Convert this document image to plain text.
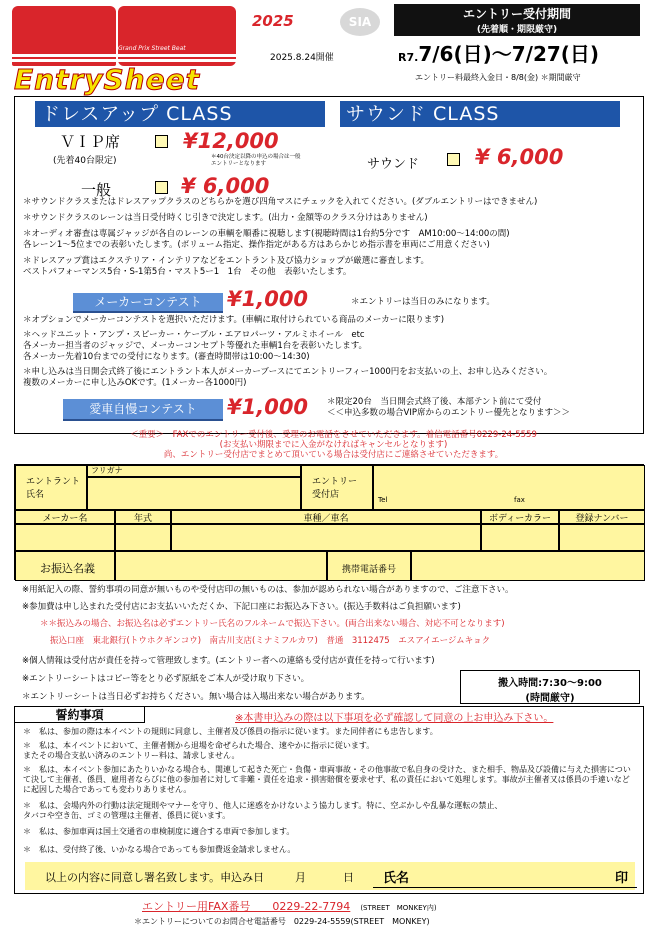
Grand Prix Street Beat
EntrySheet
2025	SIA
2025.8.24開催
エントリー受付期間
(先着順・期限厳守)
R7.7/6(日)〜7/27(日)
エントリー料最終入金日・8/8(金) ＊期間厳守
ドレスアップ CLASS	サウンド CLASS
ＶＩＰ席
(先着40台限定)
¥12,000
＊40台決定以降の申込の場合は一般エントリーとなります
一般	¥ 6,000
サウンド	¥ 6,000
＊サウンドクラスまたはドレスアップクラスのどちらかを選び四角マスにチェックを入れてください。(ダブルエントリーはできません)
＊サウンドクラスのレーンは当日受付時くじ引きで決定します。(出力・金額等のクラス分けはありません)
＊オーディオ審査は専属ジャッジが各自のレーンの車輌を順番に視聴します(視聴時間は1台約5分です　AM10:00〜14:00の間)
各レーン1〜5位までの表彰いたします。(ボリューム指定、操作指定がある方はあらかじめ指示書を車両にご用意ください)
＊ドレスアップ賞はエクステリア・インテリアなどをエントラント及び協力ショップが厳選に審査します。
ベストパフォーマンス5台・S-1第5台・マスト5ー1　1台　その他　表彰いたします。
メーカーコンテスト	¥1,000	＊エントリーは当日のみになります。
＊オプションでメーカーコンテストを選択いただけます。(車輌に取付けられている商品のメーカーに限ります)
＊ヘッドユニット・アンプ・スピーカー・ケーブル・エアロパーツ・アルミホイール　etc
各メーカー担当者のジャッジで、メーカーコンセプト等優れた車輌1台を表彰いたします。
各メーカー先着10台までの受付になります。(審査時間帯は10:00〜14:30)
＊申し込みは当日開会式終了後にエントラント本人がメーカーブースにてエントリーフィー1000円をお支払いの上、お申し込みください。
複数のメーカーに申し込みOKです。(1メーカー各1000円)
愛車自慢コンテスト	¥1,000 ＊限定20台　当日開会式終了後、本部テント前にて受付
＜＜申込多数の場合VIP席からのエントリー優先となります＞＞
＜重要＞　FAXでのエントリー受付後、受理のお電話をさせていただきます。着信電話番号0229-24-5559
(お支払い期限までに入金がなければキャンセルとなります)
尚、エントリー受付店でまとめて頂いている場合は受付店にご連絡させていただきます。
エントラント
氏名
フリガナ
エントリー
受付店	Tel	fax
メーカー名	年式	車種／車名	ボディーカラー	登録ナンバー
お振込名義	携帯電話番号
※用紙記入の際、誓約事項の同意が無いものや受付店印の無いものは、参加が認められない場合がありますので、ご注意下さい。
※参加費は申し込まれた受付店にお支払いいただくか、下記口座にお振込み下さい。(振込手数料はご負担願います)
＊＊振込みの場合、お振込名は必ずエントリー氏名のフルネームで振込下さい。(両合出来ない場合、対応不可となります)
振込口座　東北銀行(トウホクギンコウ)　南古川支店(ミナミフルカワ)　普通　3112475　エスアイエージムキョク
※個人情報は受付店が責任を持って管理致します。(エントリー者への連絡も受付店が責任を持って行います)
※エントリーシートはコピー等をとり必ず原紙をご本人が受け取り下さい。
＊エントリーシートは当日必ずお持ちください。無い場合は入場出来ない場合があります。
搬入時間:7:30〜9:00
(時間厳守)
誓約事項	※本書申込みの際は以下事項を必ず確認して同意の上お申込み下さい。
＊　私は、参加の際は本イベントの規則に同意し、主催者及び係員の指示に従います。また同伴者にも忠告します。
＊　私は、本イベントにおいて、主催者側から退場を命ぜられた場合、速やかに指示に従います。
またその場合支払い済みのエントリー料は、請求しません。
＊　私は、本イベント参加にあたりいかなる場合も、関連して起きた死亡・負傷・車両事故・その他事故で私自身の受けた、また相手、物品及び設備に与えた損害について決して主催者、係員、雇用者ならびに他の参加者に対して非難・責任を追求・損害賠償を要求せず、私の責任において処理します。事故が主催者又は係員の手違いなどに起因した場合であっても変わりありません。
＊　私は、会場内外の行動は法定規則やマナーを守り、他人に迷惑をかけないよう協力します。特に、空ぶかしや乱暴な運転の禁止、
タバコや空き缶、ゴミの管理は主催者、係員に従います。
＊　私は、参加車両は国土交通省の車検制度に適合する車両で参加します。
＊　私は、受付終了後、いかなる場合であっても参加費返金請求しません。
以上の内容に同意し署名致します。申込み日	月	日 氏名	印
エントリー用FAX番号　　0229-22-7794 (STREET　MONKEY内)
＊エントリーについてのお問合せ電話番号　0229-24-5559(STREET　MONKEY)
